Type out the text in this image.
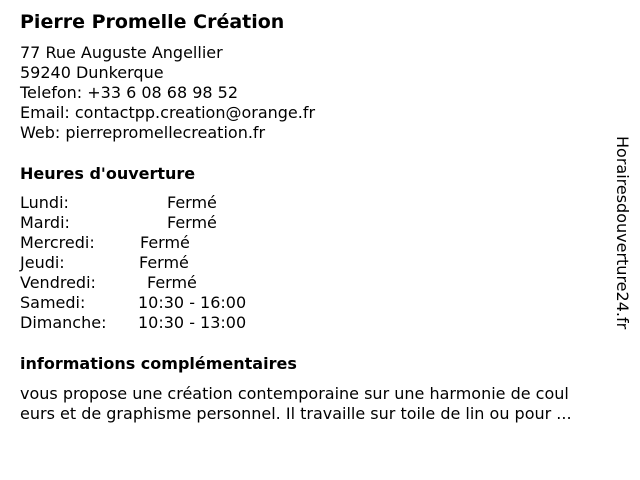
Pierre Promelle Création
77 Rue Auguste Angellier
59240 Dunkerque
Telefon: +33 6 08 68 98 52
Email: contactpp.creation@orange.fr
Web: pierrepromellecreation.fr
Heures d'ouverture
Lundi:	Fermé
Mardi:	Fermé
Mercredi:	Fermé
Jeudi:	Fermé
Vendredi:	Fermé
Samedi:	10:30 - 16:00
Dimanche: 10:30 - 13:00
informations complémentaires
vous propose une création contemporaine sur une harmonie de coul
eurs et de graphisme personnel. Il travaille sur toile de lin ou pour ...
Horairesdouverture24.fr
